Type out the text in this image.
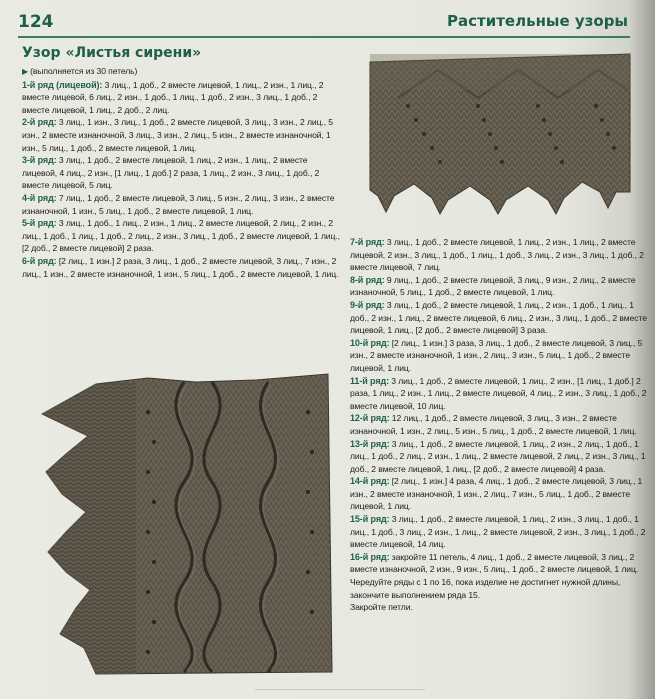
124	Растительные узоры
Узор «Листья сирени»

▶ (выполняется из 30 петель)

1-й ряд (лицевой): 3 лиц., 1 доб., 2 вместе лицевой, 1 лиц., 2 изн., 1 лиц., 2 вместе лицевой, 6 лиц., 2 изн., 1 доб., 1 лиц., 1 доб., 2 изн., 3 лиц., 1 доб., 2 вместе лицевой, 1 лиц., 2 доб., 2 лиц.

2-й ряд: 3 лиц., 1 изн., 3 лиц., 1 доб., 2 вместе лицевой, 3 лиц., 3 изн., 2 лиц., 5 изн., 2 вместе изнаночной, 3 лиц., 3 изн., 2 лиц., 5 изн., 2 вместе изнаночной, 1 изн., 5 лиц., 1 доб., 2 вместе лицевой, 1 лиц.

3-й ряд: 3 лиц., 1 доб., 2 вместе лицевой, 1 лиц., 2 изн., 1 лиц., 2 вместе лицевой, 4 лиц., 2 изн., [1 лиц., 1 доб.] 2 раза, 1 лиц., 2 изн., 3 лиц., 1 доб., 2 вместе лицевой, 5 лиц.

4-й ряд: 7 лиц., 1 доб., 2 вместе лицевой, 3 лиц., 5 изн., 2 лиц., 3 изн., 2 вместе изнаночной, 1 изн., 5 лиц., 1 доб., 2 вместе лицевой, 1 лиц.

5-й ряд: 3 лиц., 1 доб., 1 лиц., 2 изн., 1 лиц., 2 вместе лицевой, 2 лиц., 2 изн., 2 лиц., 1 доб., 1 лиц., 1 доб., 2 лиц., 2 изн., 3 лиц., 1 доб., 2 вместе лицевой, 1 лиц., [2 доб., 2 вместе лицевой] 2 раза.

6-й ряд: [2 лиц., 1 изн.] 2 раза, 3 лиц., 1 доб., 2 вместе лицевой, 3 лиц., 7 изн., 2 лиц., 1 изн., 2 вместе изнаночной, 1 изн., 5 лиц., 1 доб., 2 вместе лицевой, 1 лиц.

7-й ряд: 3 лиц., 1 доб., 2 вместе лицевой, 1 лиц., 2 изн., 1 лиц., 2 вместе лицевой, 2 изн., 3 лиц., 1 доб., 1 лиц., 1 доб., 3 лиц., 2 изн., 3 лиц., 1 доб., 2 вместе лицевой, 7 лиц.

8-й ряд: 9 лиц., 1 доб., 2 вместе лицевой, 3 лиц., 9 изн., 2 лиц., 2 вместе изнаночной, 5 лиц., 1 доб., 2 вместе лицевой, 1 лиц.

9-й ряд: 3 лиц., 1 доб., 2 вместе лицевой, 1 лиц., 2 изн., 1 доб., 1 лиц., 1 доб., 2 изн., 1 лиц., 2 вместе лицевой, 6 лиц., 2 изн., 3 лиц., 1 доб., 2 вместе лицевой, 1 лиц., [2 доб., 2 вместе лицевой] 3 раза.

10-й ряд: [2 лиц., 1 изн.] 3 раза, 3 лиц., 1 доб., 2 вместе лицевой, 3 лиц., 5 изн., 2 вместе изнаночной, 1 изн., 2 лиц., 3 изн., 5 лиц., 1 доб., 2 вместе лицевой, 1 лиц.

11-й ряд: 3 лиц., 1 доб., 2 вместе лицевой, 1 лиц., 2 изн., [1 лиц., 1 доб.] 2 раза, 1 лиц., 2 изн., 1 лиц., 2 вместе лицевой, 4 лиц., 2 изн., 3 лиц., 1 доб., 2 вместе лицевой, 10 лиц.

12-й ряд: 12 лиц., 1 доб., 2 вместе лицевой, 3 лиц., 3 изн., 2 вместе изнаночной, 1 изн., 2 лиц., 5 изн., 5 лиц., 1 доб., 2 вместе лицевой, 1 лиц.

13-й ряд: 3 лиц., 1 доб., 2 вместе лицевой, 1 лиц., 2 изн., 2 лиц., 1 доб., 1 лиц., 1 доб., 2 лиц., 2 изн., 1 лиц., 2 вместе лицевой, 2 лиц., 2 изн., 3 лиц., 1 доб., 2 вместе лицевой, 1 лиц., [2 доб., 2 вместе лицевой] 4 раза.

14-й ряд: [2 лиц., 1 изн.] 4 раза, 4 лиц., 1 доб., 2 вместе лицевой, 3 лиц., 1 изн., 2 вместе изнаночной, 1 изн., 2 лиц., 7 изн., 5 лиц., 1 доб., 2 вместе лицевой, 1 лиц.

15-й ряд: 3 лиц., 1 доб., 2 вместе лицевой, 1 лиц., 2 изн., 3 лиц., 1 доб., 1 лиц., 1 доб., 3 лиц., 2 изн., 1 лиц., 2 вместе лицевой, 2 изн., 3 лиц., 1 доб., 2 вместе лицевой, 14 лиц.

16-й ряд: закройте 11 петель, 4 лиц., 1 доб., 2 вместе лицевой, 3 лиц., 2 вместе изнаночной, 2 изн., 9 изн., 5 лиц., 1 доб., 2 вместе лицевой, 1 лиц.

Чередуйте ряды с 1 по 16, пока изделие не достигнет нужной длины, закончите выполнением ряда 15.

Закройте петли.
